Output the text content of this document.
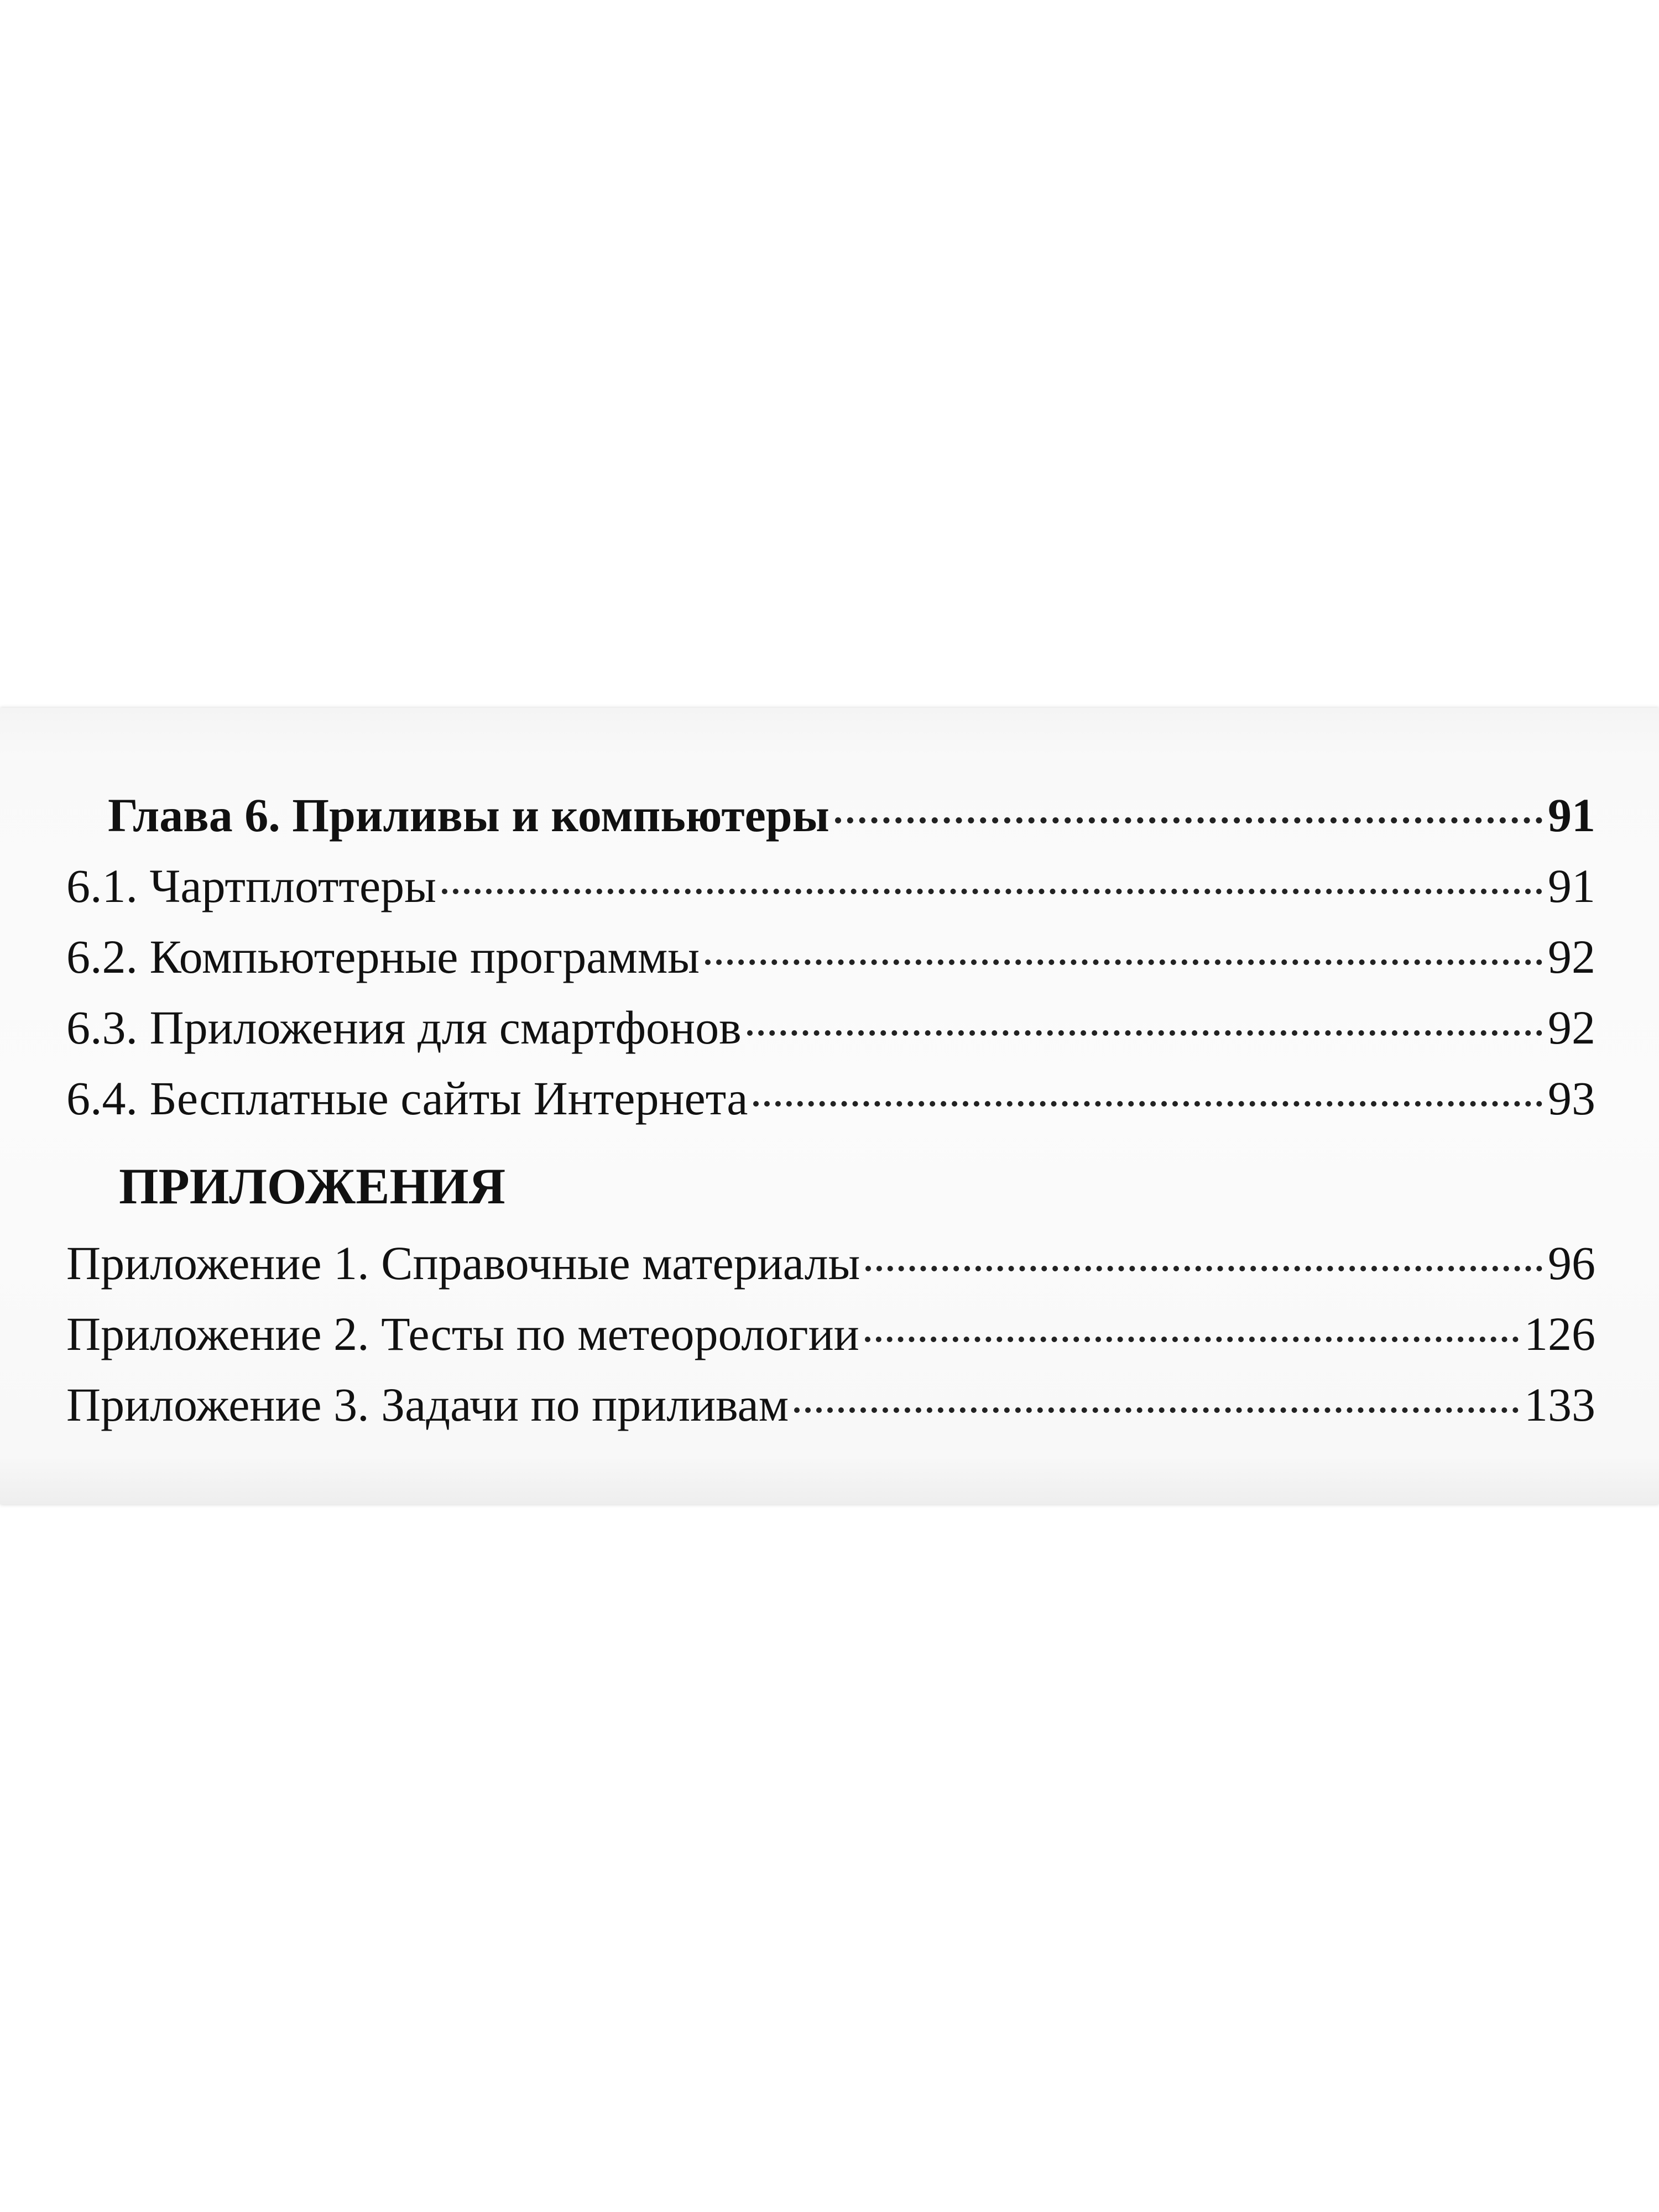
Глава 6. Приливы и компьютеры	91
6.1. Чартплоттеры	91
6.2. Компьютерные программы	92
6.3. Приложения для смартфонов	92
6.4. Бесплатные сайты Интернета	93
ПРИЛОЖЕНИЯ
Приложение 1. Справочные материалы	96
Приложение 2. Тесты по метеорологии	126
Приложение 3. Задачи по приливам	133
